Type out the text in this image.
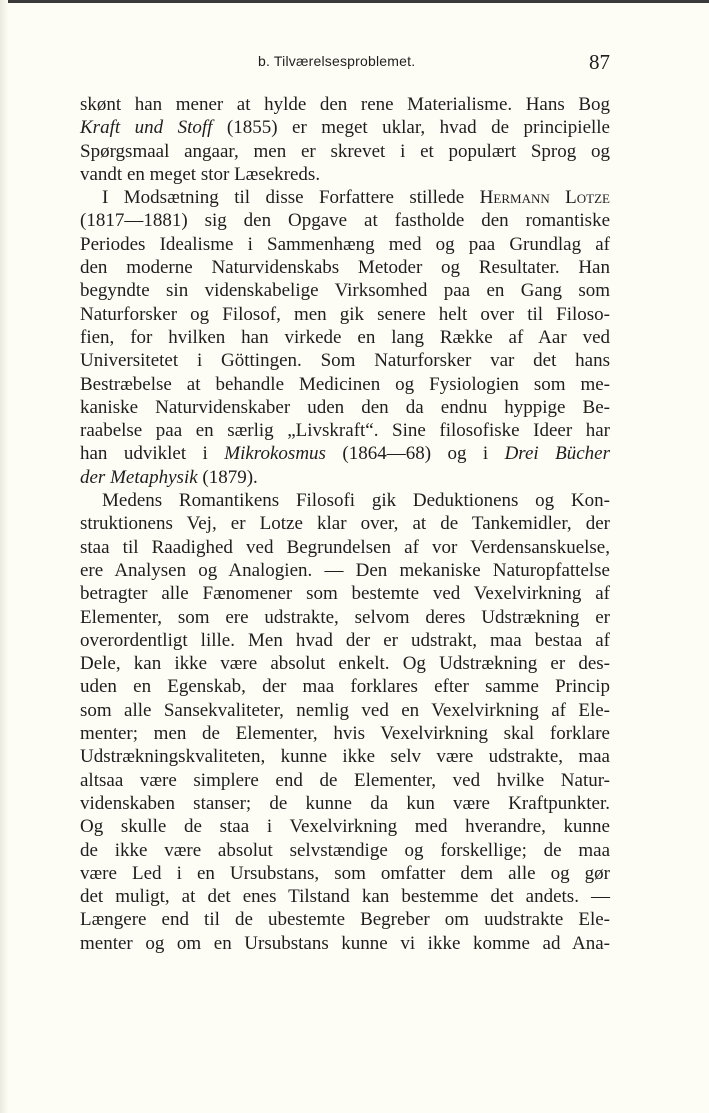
b. Tilværelsesproblemet.	87
skønt han mener at hylde den rene Materialisme. Hans Bog
Kraft und Stoff (1855) er meget uklar, hvad de principielle
Spørgsmaal angaar, men er skrevet i et populært Sprog og
vandt en meget stor Læsekreds.
I Modsætning til disse Forfattere stillede Hermann Lotze
(1817—1881) sig den Opgave at fastholde den romantiske
Periodes Idealisme i Sammenhæng med og paa Grundlag af
den moderne Naturvidenskabs Metoder og Resultater. Han
begyndte sin videnskabelige Virksomhed paa en Gang som
Naturforsker og Filosof, men gik senere helt over til Filoso-
fien, for hvilken han virkede en lang Række af Aar ved
Universitetet i Göttingen. Som Naturforsker var det hans
Bestræbelse at behandle Medicinen og Fysiologien som me-
kaniske Naturvidenskaber uden den da endnu hyppige Be-
raabelse paa en særlig „Livskraft“. Sine filosofiske Ideer har
han udviklet i Mikrokosmus (1864—68) og i Drei Bücher
der Metaphysik (1879).
Medens Romantikens Filosofi gik Deduktionens og Kon-
struktionens Vej, er Lotze klar over, at de Tankemidler, der
staa til Raadighed ved Begrundelsen af vor Verdensanskuelse,
ere Analysen og Analogien. — Den mekaniske Naturopfattelse
betragter alle Fænomener som bestemte ved Vexelvirkning af
Elementer, som ere udstrakte, selvom deres Udstrækning er
overordentligt lille. Men hvad der er udstrakt, maa bestaa af
Dele, kan ikke være absolut enkelt. Og Udstrækning er des-
uden en Egenskab, der maa forklares efter samme Princip
som alle Sansekvaliteter, nemlig ved en Vexelvirkning af Ele-
menter; men de Elementer, hvis Vexelvirkning skal forklare
Udstrækningskvaliteten, kunne ikke selv være udstrakte, maa
altsaa være simplere end de Elementer, ved hvilke Natur-
videnskaben stanser; de kunne da kun være Kraftpunkter.
Og skulle de staa i Vexelvirkning med hverandre, kunne
de ikke være absolut selvstændige og forskellige; de maa
være Led i en Ursubstans, som omfatter dem alle og gør
det muligt, at det enes Tilstand kan bestemme det andets. —
Længere end til de ubestemte Begreber om uudstrakte Ele-
menter og om en Ursubstans kunne vi ikke komme ad Ana-
